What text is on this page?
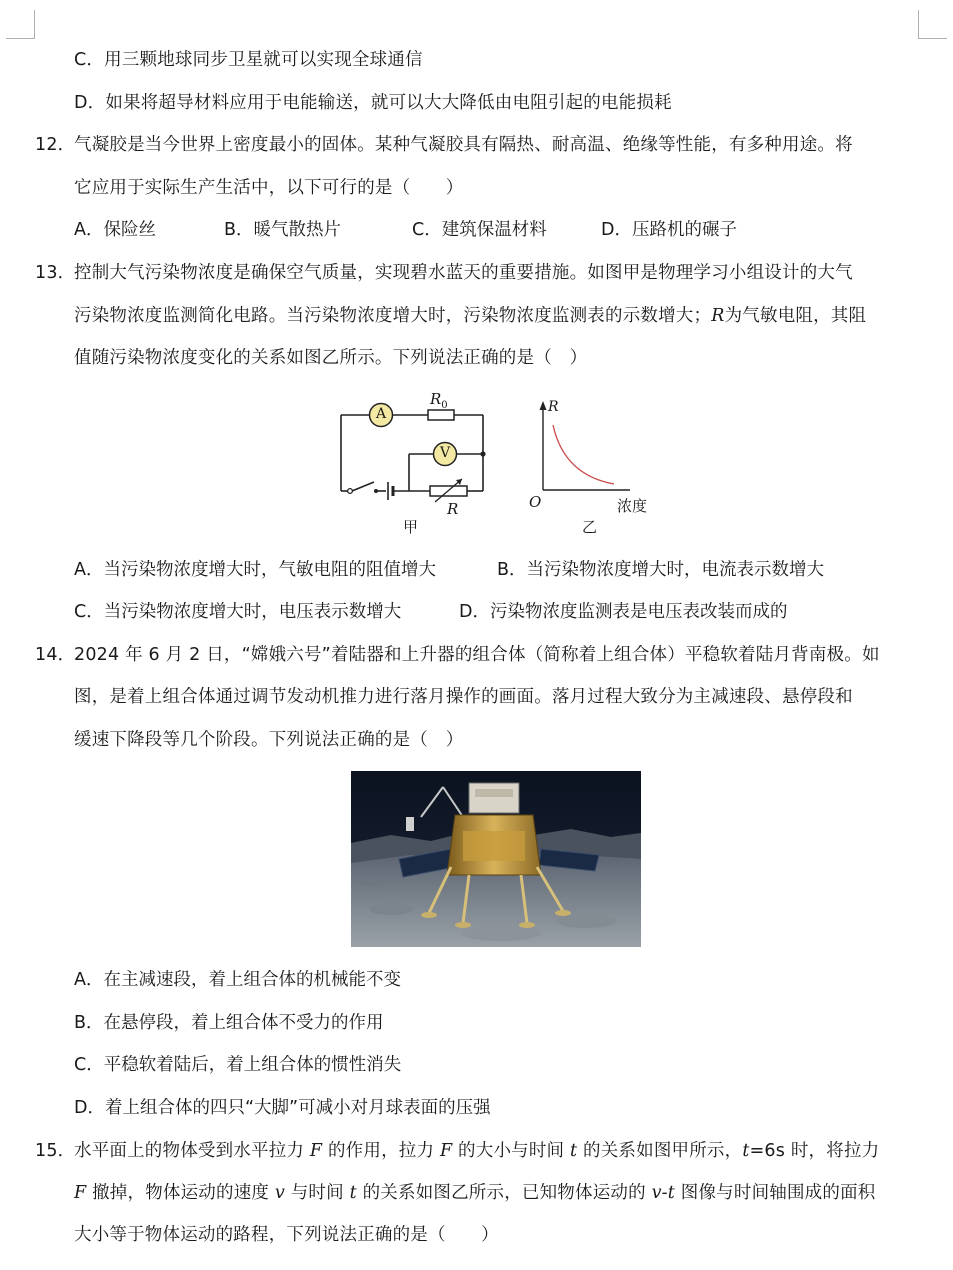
C．用三颗地球同步卫星就可以实现全球通信
D．如果将超导材料应用于电能输送，就可以大大降低由电阻引起的电能损耗
12．
气凝胶是当今世界上密度最小的固体。某种气凝胶具有隔热、耐高温、绝缘等性能，有多种用途。将
它应用于实际生产生活中，以下可行的是（　　）
A．保险丝	B．暖气散热片	C．建筑保温材料	D．压路机的碾子
13．
控制大气污染物浓度是确保空气质量，实现碧水蓝天的重要措施。如图甲是物理学习小组设计的大气
污染物浓度监测简化电路。当污染物浓度增大时，污染物浓度监测表的示数增大；R为气敏电阻，其阻
值随污染物浓度变化的关系如图乙所示。下列说法正确的是（　）
A
V
$R_0$
R
甲
R
O	浓度
乙
A．当污染物浓度增大时，气敏电阻的阻值增大	B．当污染物浓度增大时，电流表示数增大
C．当污染物浓度增大时，电压表示数增大	D．污染物浓度监测表是电压表改装而成的
14．
2024 年 6 月 2 日，“嫦娥六号”着陆器和上升器的组合体（简称着上组合体）平稳软着陆月背南极。如
图，是着上组合体通过调节发动机推力进行落月操作的画面。落月过程大致分为主减速段、悬停段和
缓速下降段等几个阶段。下列说法正确的是（　）
A．在主减速段，着上组合体的机械能不变
B．在悬停段，着上组合体不受力的作用
C．平稳软着陆后，着上组合体的惯性消失
D．着上组合体的四只“大脚”可减小对月球表面的压强
15．
水平面上的物体受到水平拉力 F 的作用，拉力 F 的大小与时间 t 的关系如图甲所示，t=6s 时，将拉力
F 撤掉，物体运动的速度 v 与时间 t 的关系如图乙所示，已知物体运动的 v-t 图像与时间轴围成的面积
大小等于物体运动的路程，下列说法正确的是（　　）
